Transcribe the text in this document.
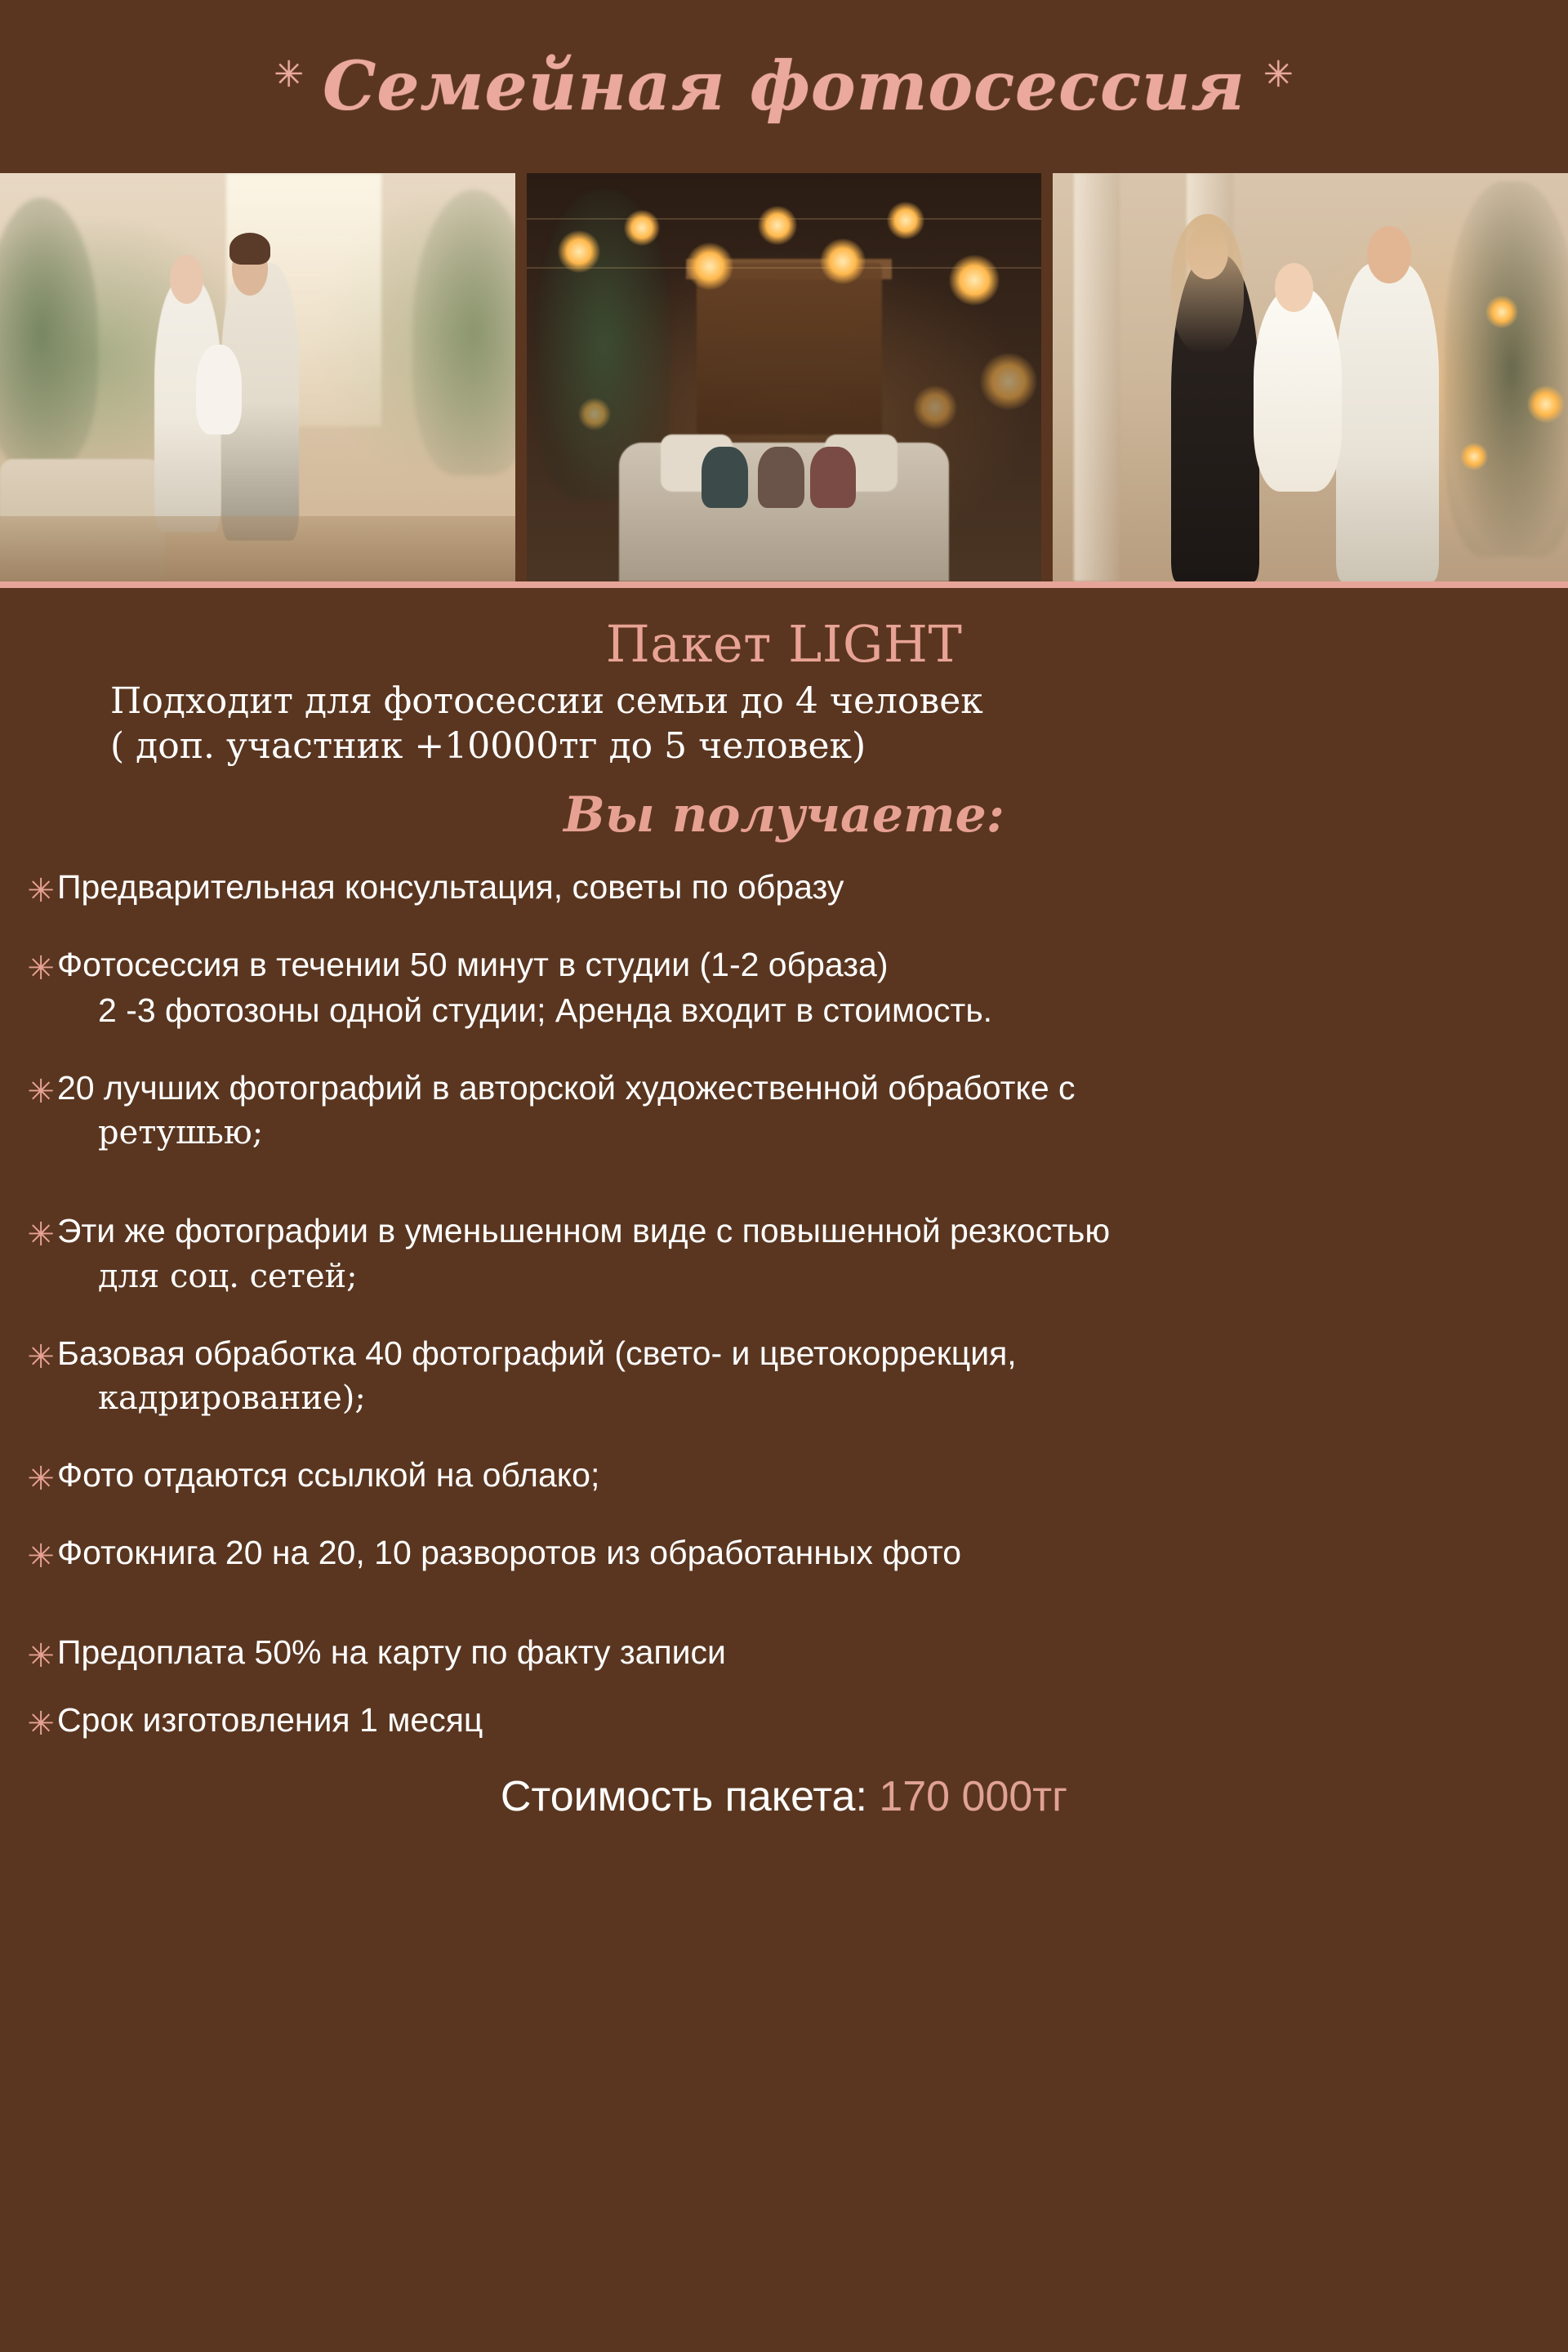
✳ Семейная фотосессия ✳
Пакет LIGHT
Подходит для фотосессии семьи до 4 человек
( доп. участник +10000тг до 5 человек)
Вы получаете:
✳ Предварительная консультация, советы по образу
✳ Фотосессия в течении 50 минут в студии (1-2 образа)
2 -3 фотозоны одной студии; Аренда входит в стоимость.
✳ 20 лучших фотографий в авторской художественной обработке с
ретушью;
✳ Эти же фотографии в уменьшенном виде с повышенной резкостью
для соц. сетей;
✳ Базовая обработка 40 фотографий (свето- и цветокоррекция,
кадрирование);
✳ Фото отдаются ссылкой на облако;
✳ Фотокнига 20 на 20, 10 разворотов из обработанных фото
✳ Предоплата 50% на карту по факту записи
✳ Срок изготовления 1 месяц
Стоимость пакета: 170 000тг
